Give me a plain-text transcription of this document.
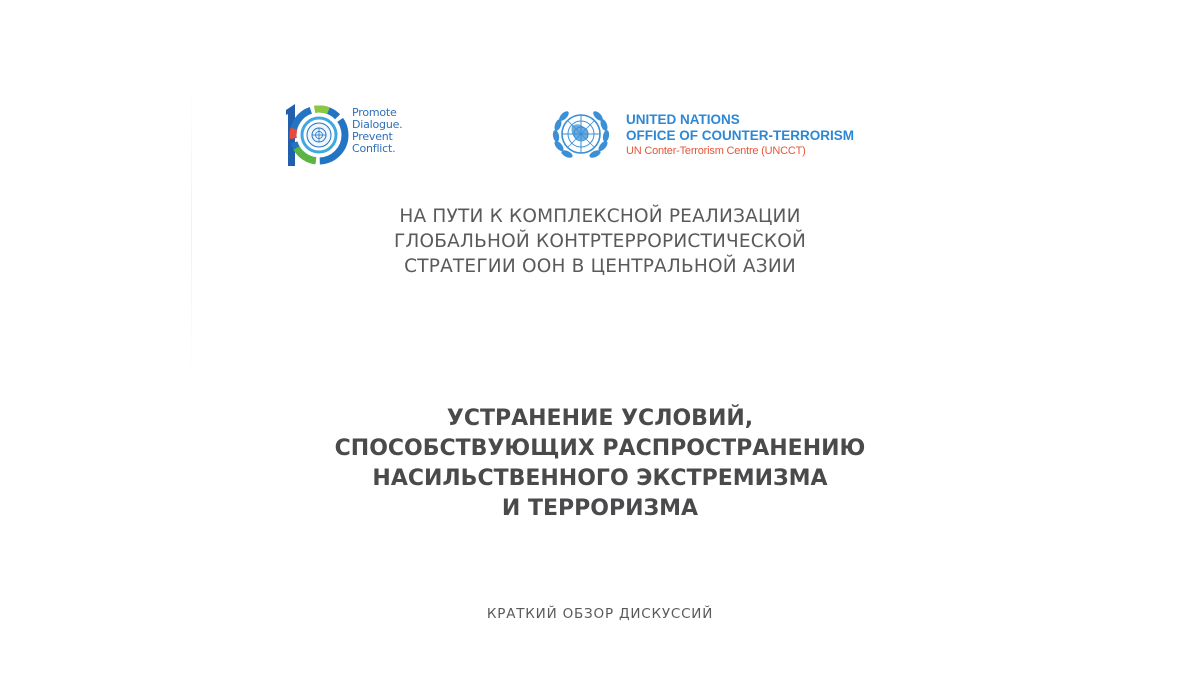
Promote
Dialogue.
Prevent
Conflict.
UNITED NATIONS
OFFICE OF COUNTER-TERRORISM
UN Conter-Terrorism Centre (UNCCT)
НА ПУТИ К КОМПЛЕКСНОЙ РЕАЛИЗАЦИИ
ГЛОБАЛЬНОЙ КОНТРТЕРРОРИСТИЧЕСКОЙ
СТРАТЕГИИ ООН В ЦЕНТРАЛЬНОЙ АЗИИ
УСТРАНЕНИЕ УСЛОВИЙ,
СПОСОБСТВУЮЩИХ РАСПРОСТРАНЕНИЮ
НАСИЛЬСТВЕННОГО ЭКСТРЕМИЗМА
И ТЕРРОРИЗМА
КРАТКИЙ ОБЗОР ДИСКУССИЙ
